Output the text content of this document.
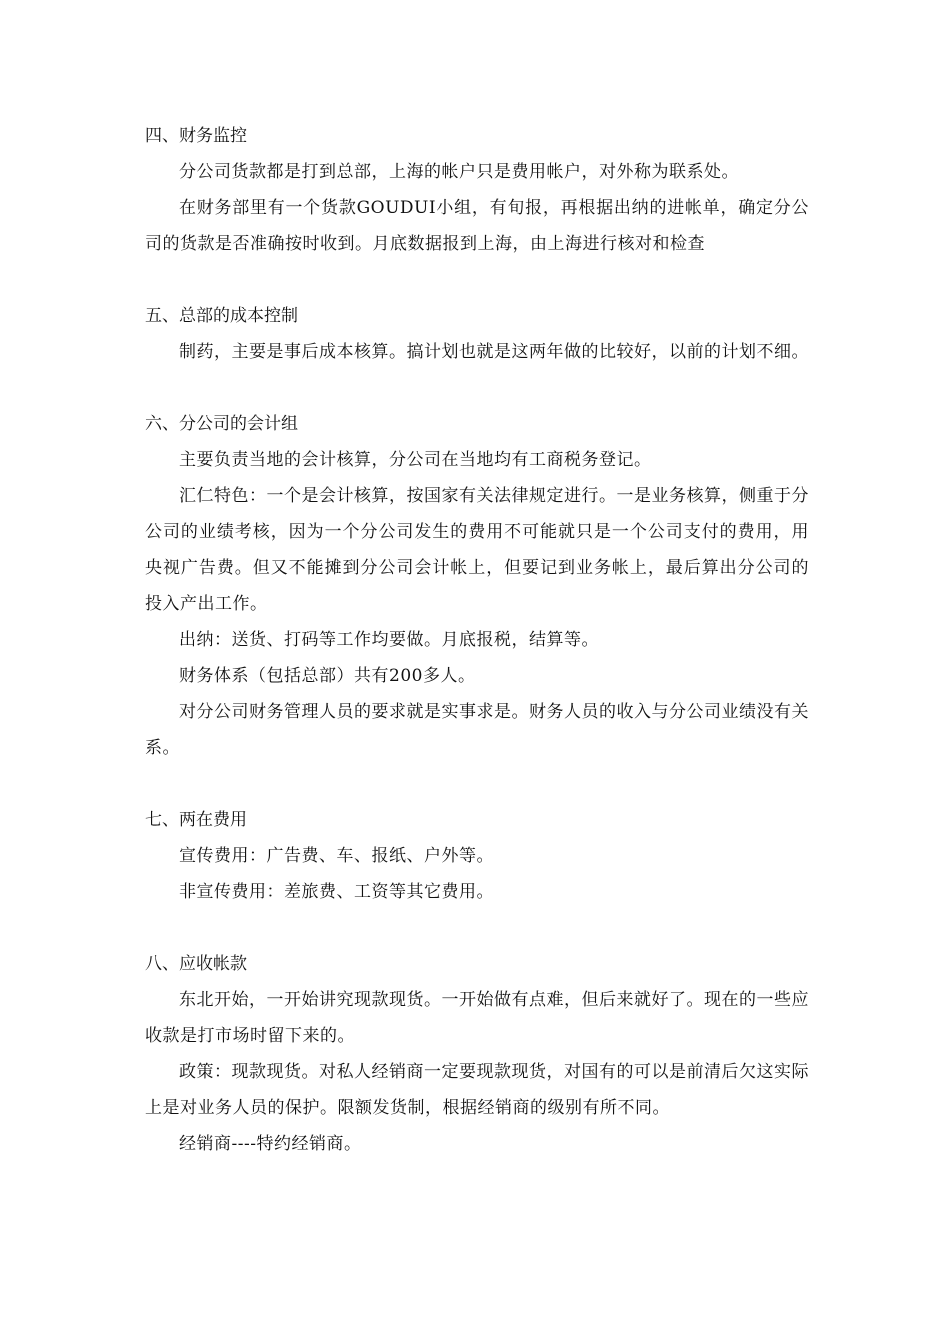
四、财务监控

分公司货款都是打到总部，上海的帐户只是费用帐户，对外称为联系处。

在财务部里有一个货款GOUDUI小组，有旬报，再根据出纳的进帐单，确定分公司的货款是否准确按时收到。月底数据报到上海，由上海进行核对和检查

五、总部的成本控制

制药，主要是事后成本核算。搞计划也就是这两年做的比较好，以前的计划不细。

六、分公司的会计组

主要负责当地的会计核算，分公司在当地均有工商税务登记。

汇仁特色：一个是会计核算，按国家有关法律规定进行。一是业务核算，侧重于分公司的业绩考核，因为一个分公司发生的费用不可能就只是一个公司支付的费用，用央视广告费。但又不能摊到分公司会计帐上，但要记到业务帐上，最后算出分公司的投入产出工作。

出纳：送货、打码等工作均要做。月底报税，结算等。

财务体系（包括总部）共有200多人。

对分公司财务管理人员的要求就是实事求是。财务人员的收入与分公司业绩没有关系。

七、两在费用

宣传费用：广告费、车、报纸、户外等。

非宣传费用：差旅费、工资等其它费用。

八、应收帐款

东北开始，一开始讲究现款现货。一开始做有点难，但后来就好了。现在的一些应收款是打市场时留下来的。

政策：现款现货。对私人经销商一定要现款现货，对国有的可以是前清后欠这实际上是对业务人员的保护。限额发货制，根据经销商的级别有所不同。

经销商----特约经销商。
